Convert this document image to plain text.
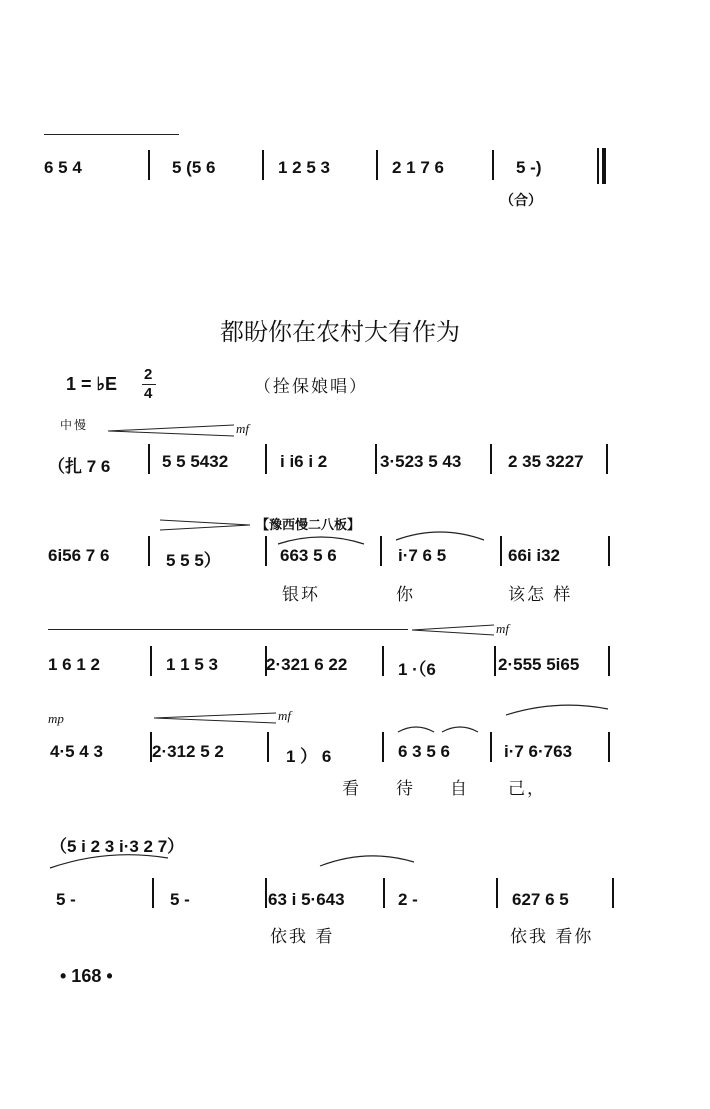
6 5 4	5 (5 6	1 2 5 3	2 1 7 6	5 -)
（合）
都盼你在农村大有作为
1 = ♭E 2
4	（拴保娘唱）
中慢	mf
（扎 7 6	5 5 5432	i i6 i 2	3·523 5 43	2 35 3227
【豫西慢二八板】
6i56 7 6	5 5 5）	663 5 6	i·7 6 5	66i i32
银环	你	该怎 样
mf
1 6 1 2	1 1 5 3	2·321 6 22	1 ·（6	2·555 5i65
mp	mf
4·5 4 3	2·312 5 2	1 ） 6	6 3 5 6	i·7 6·763
看 待 自 己，
（5 i 2 3 i·3 2 7）
5 -	5 -	63 i 5·643	2 -	627 6 5
依我 看	依我 看你
• 168 •
